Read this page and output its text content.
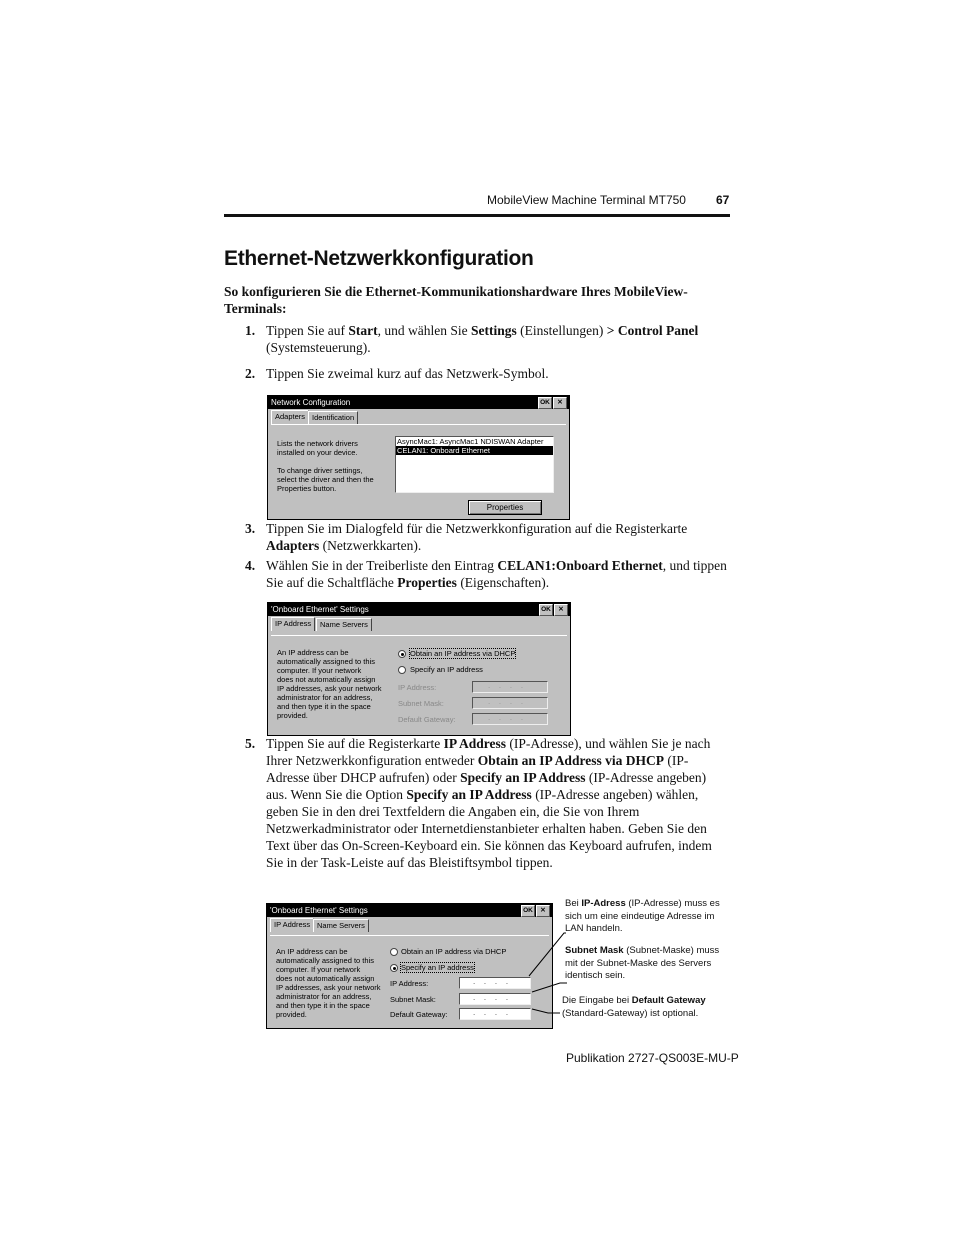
MobileView Machine Terminal MT750	67
Ethernet-Netzwerkkonfiguration
So konfigurieren Sie die Ethernet-Kommunikationshardware Ihres MobileView-Terminals:
1. Tippen Sie auf Start, und wählen Sie Settings (Einstellungen) > Control Panel (Systemsteuerung).
2. Tippen Sie zweimal kurz auf das Netzwerk-Symbol.
Network Configuration	OK	✕
Adapters Identification
Lists the network drivers
installed on your device.
To change driver settings,
select the driver and then the
Properties button.
AsyncMac1: AsyncMac1 NDISWAN Adapter
CELAN1: Onboard Ethernet
Properties
3. Tippen Sie im Dialogfeld für die Netzwerkkonfiguration auf die Registerkarte Adapters (Netzwerkkarten).
4. Wählen Sie in der Treiberliste den Eintrag CELAN1:Onboard Ethernet, und tippen Sie auf die Schaltfläche Properties (Eigenschaften).
'Onboard Ethernet' Settings	OK	✕
IP Address	Name Servers
An IP address can be
automatically assigned to this
computer. If your network
does not automatically assign
IP addresses, ask your network
administrator for an address,
and then type it in the space
provided.
Obtain an IP address via DHCP
Specify an IP address
IP Address:	....
Subnet Mask:	....
Default Gateway:	....
5. Tippen Sie auf die Registerkarte IP Address (IP-Adresse), und wählen Sie je nach Ihrer Netzwerkkonfiguration entweder Obtain an IP Address via DHCP (IP-Adresse über DHCP aufrufen) oder Specify an IP Address (IP-Adresse angeben) aus. Wenn Sie die Option Specify an IP Address (IP-Adresse angeben) wählen, geben Sie in den drei Textfeldern die Angaben ein, die Sie von Ihrem Netzwerkadministrator oder Internetdienstanbieter erhalten haben. Geben Sie den Text über das On-Screen-Keyboard ein. Sie können das Keyboard aufrufen, indem Sie in der Task-Leiste auf das Bleistiftsymbol tippen.
'Onboard Ethernet' Settings	OK	✕
IP Address Name Servers
An IP address can be
automatically assigned to this
computer. If your network
does not automatically assign
IP addresses, ask your network
administrator for an address,
and then type it in the space
provided.
Obtain an IP address via DHCP
Specify an IP address
IP Address:	....
Subnet Mask:	....
Default Gateway:	....
Bei IP-Adress (IP-Adresse) muss es sich um eine eindeutige Adresse im LAN handeln.
Subnet Mask (Subnet-Maske) muss mit der Subnet-Maske des Servers identisch sein.
Die Eingabe bei Default Gateway (Standard-Gateway) ist optional.
Publikation 2727-QS003E-MU-P
